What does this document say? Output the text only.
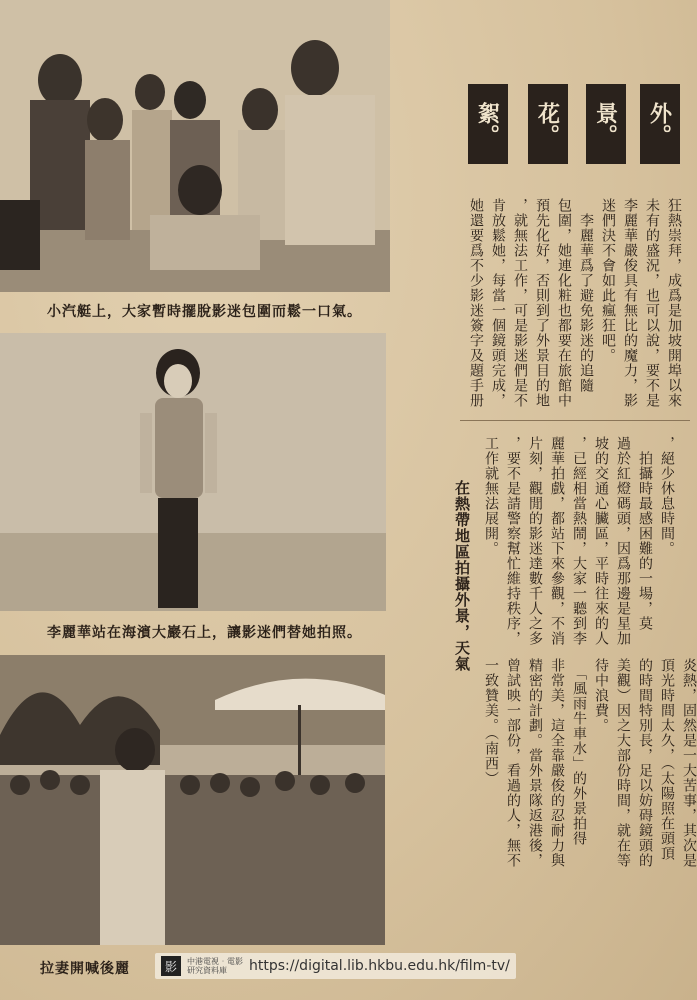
小汽艇上，大家暫時擺脫影迷包圍而鬆一口氣。
李麗華站在海濱大巖石上，讓影迷們替她拍照。
拉妻開喊後麗
外。
景。
花。
絮。
狂熱崇拜，成爲是加坡開埠以來
未有的盛況，也可以說，要不是
李麗華嚴俊具有無比的魔力，影
迷們決不會如此瘋狂吧。
　李麗華爲了避免影迷的追隨
包圍，她連化粧也都要在旅館中
預先化好，否則到了外景目的地
，就無法工作，可是影迷們是不
肯放鬆她，每當一個鏡頭完成，
她還要爲不少影迷簽字及題手册
在熱帶地區拍攝外景，天氣	，絕少休息時間。
　拍攝時最感困難的一場，莫
過於紅燈碼頭，因爲那邊是星加
坡的交通心臟區，平時往來的人
，已經相當熱鬧，大家一聽到李
麗華拍戲，都站下來參觀，不消
片刻，觀閒的影迷達數千人之多
，要不是請警察幫忙維持秩序，
工作就無法展開。
炎熱，固然是一大苦事，其次是
頂光時間太久，（太陽照在頭頂
的時間特別長，足以妨碍鏡頭的
美觀）因之大部份時間，就在等
待中浪費。
　「風雨牛車水」的外景拍得
非常美，這全靠嚴俊的忍耐力與
精密的計劃。當外景隊返港後，
曾試映一部份，看過的人，無不
一致贊美。（南西）
影	中港電視‧電影 研究資料庫	https://digital.lib.hkbu.edu.hk/film-tv/
